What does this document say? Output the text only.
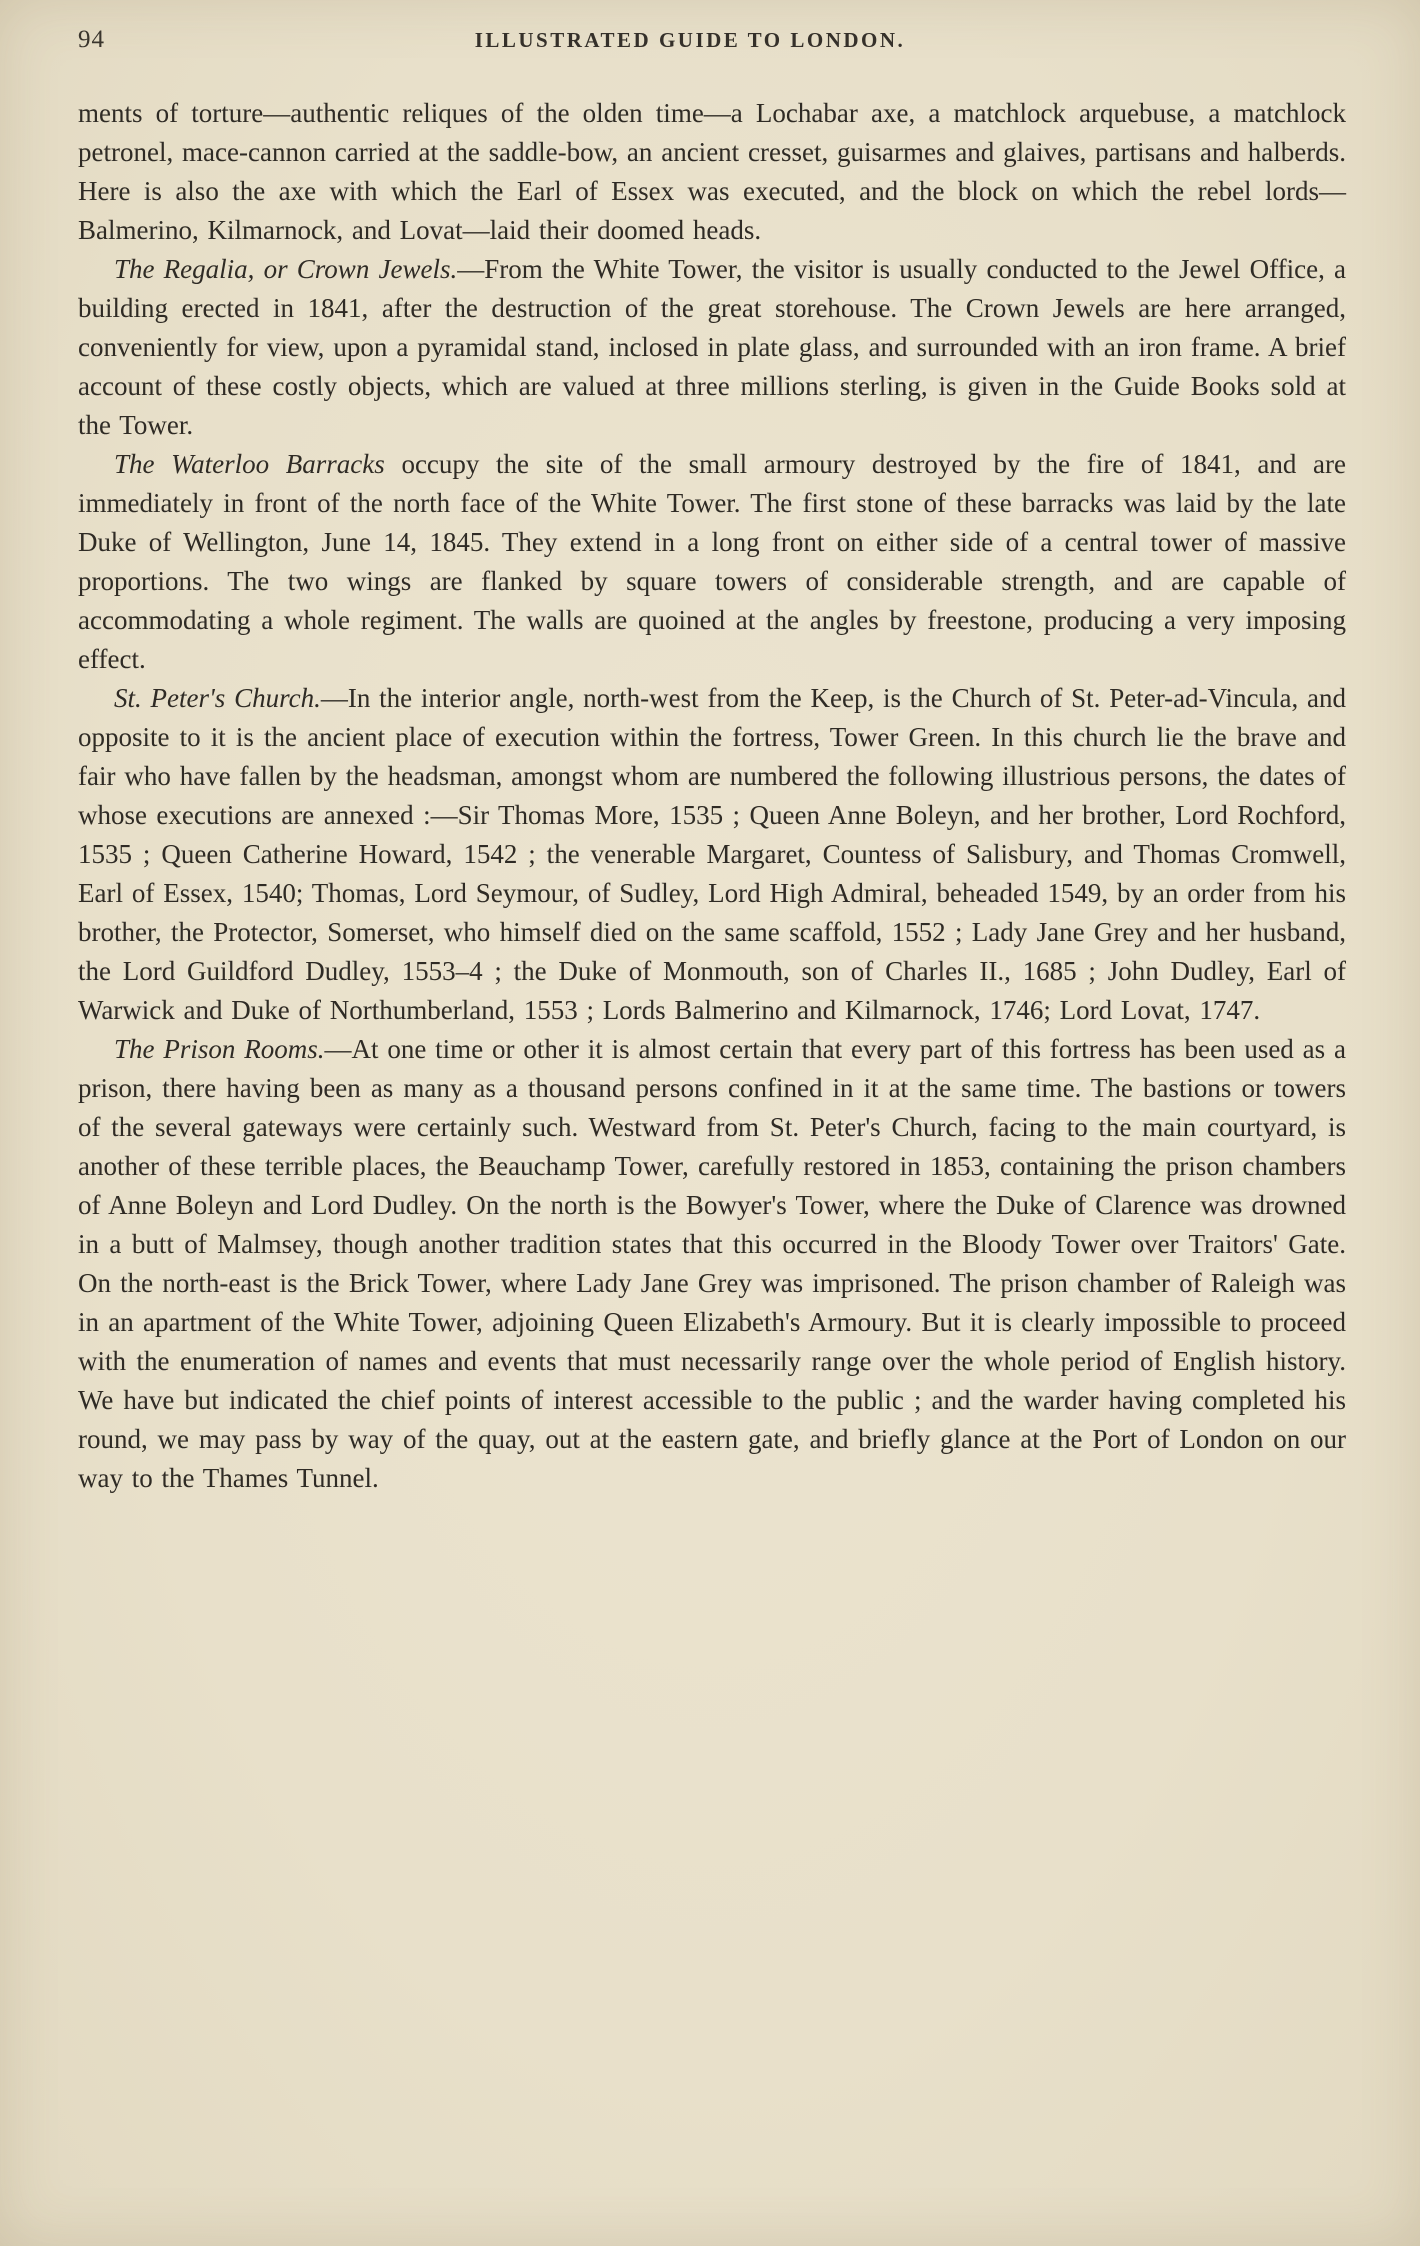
94	ILLUSTRATED GUIDE TO LONDON.

ments of torture—authentic reliques of the olden time—a Lochabar axe, a matchlock arquebuse, a matchlock petronel, mace-cannon carried at the saddle-bow, an ancient cresset, guisarmes and glaives, partisans and halberds. Here is also the axe with which the Earl of Essex was executed, and the block on which the rebel lords—Balmerino, Kilmarnock, and Lovat—laid their doomed heads.

The Regalia, or Crown Jewels.—From the White Tower, the visitor is usually conducted to the Jewel Office, a building erected in 1841, after the destruction of the great storehouse. The Crown Jewels are here arranged, conveniently for view, upon a pyramidal stand, inclosed in plate glass, and surrounded with an iron frame. A brief account of these costly objects, which are valued at three millions sterling, is given in the Guide Books sold at the Tower.

The Waterloo Barracks occupy the site of the small armoury destroyed by the fire of 1841, and are immediately in front of the north face of the White Tower. The first stone of these barracks was laid by the late Duke of Wellington, June 14, 1845. They extend in a long front on either side of a central tower of massive proportions. The two wings are flanked by square towers of considerable strength, and are capable of accommodating a whole regiment. The walls are quoined at the angles by freestone, producing a very imposing effect.

St. Peter's Church.—In the interior angle, north-west from the Keep, is the Church of St. Peter-ad-Vincula, and opposite to it is the ancient place of execution within the fortress, Tower Green. In this church lie the brave and fair who have fallen by the headsman, amongst whom are numbered the following illustrious persons, the dates of whose executions are annexed :—Sir Thomas More, 1535 ; Queen Anne Boleyn, and her brother, Lord Rochford, 1535 ; Queen Catherine Howard, 1542 ; the venerable Margaret, Countess of Salisbury, and Thomas Cromwell, Earl of Essex, 1540; Thomas, Lord Seymour, of Sudley, Lord High Admiral, beheaded 1549, by an order from his brother, the Protector, Somerset, who himself died on the same scaffold, 1552 ; Lady Jane Grey and her husband, the Lord Guildford Dudley, 1553–4 ; the Duke of Monmouth, son of Charles II., 1685 ; John Dudley, Earl of Warwick and Duke of Northumberland, 1553 ; Lords Balmerino and Kilmarnock, 1746; Lord Lovat, 1747.

The Prison Rooms.—At one time or other it is almost certain that every part of this fortress has been used as a prison, there having been as many as a thousand persons confined in it at the same time. The bastions or towers of the several gateways were certainly such. Westward from St. Peter's Church, facing to the main courtyard, is another of these terrible places, the Beauchamp Tower, carefully restored in 1853, containing the prison chambers of Anne Boleyn and Lord Dudley. On the north is the Bowyer's Tower, where the Duke of Clarence was drowned in a butt of Malmsey, though another tradition states that this occurred in the Bloody Tower over Traitors' Gate. On the north-east is the Brick Tower, where Lady Jane Grey was imprisoned. The prison chamber of Raleigh was in an apartment of the White Tower, adjoining Queen Elizabeth's Armoury. But it is clearly impossible to proceed with the enumeration of names and events that must necessarily range over the whole period of English history. We have but indicated the chief points of interest accessible to the public ; and the warder having completed his round, we may pass by way of the quay, out at the eastern gate, and briefly glance at the Port of London on our way to the Thames Tunnel.
